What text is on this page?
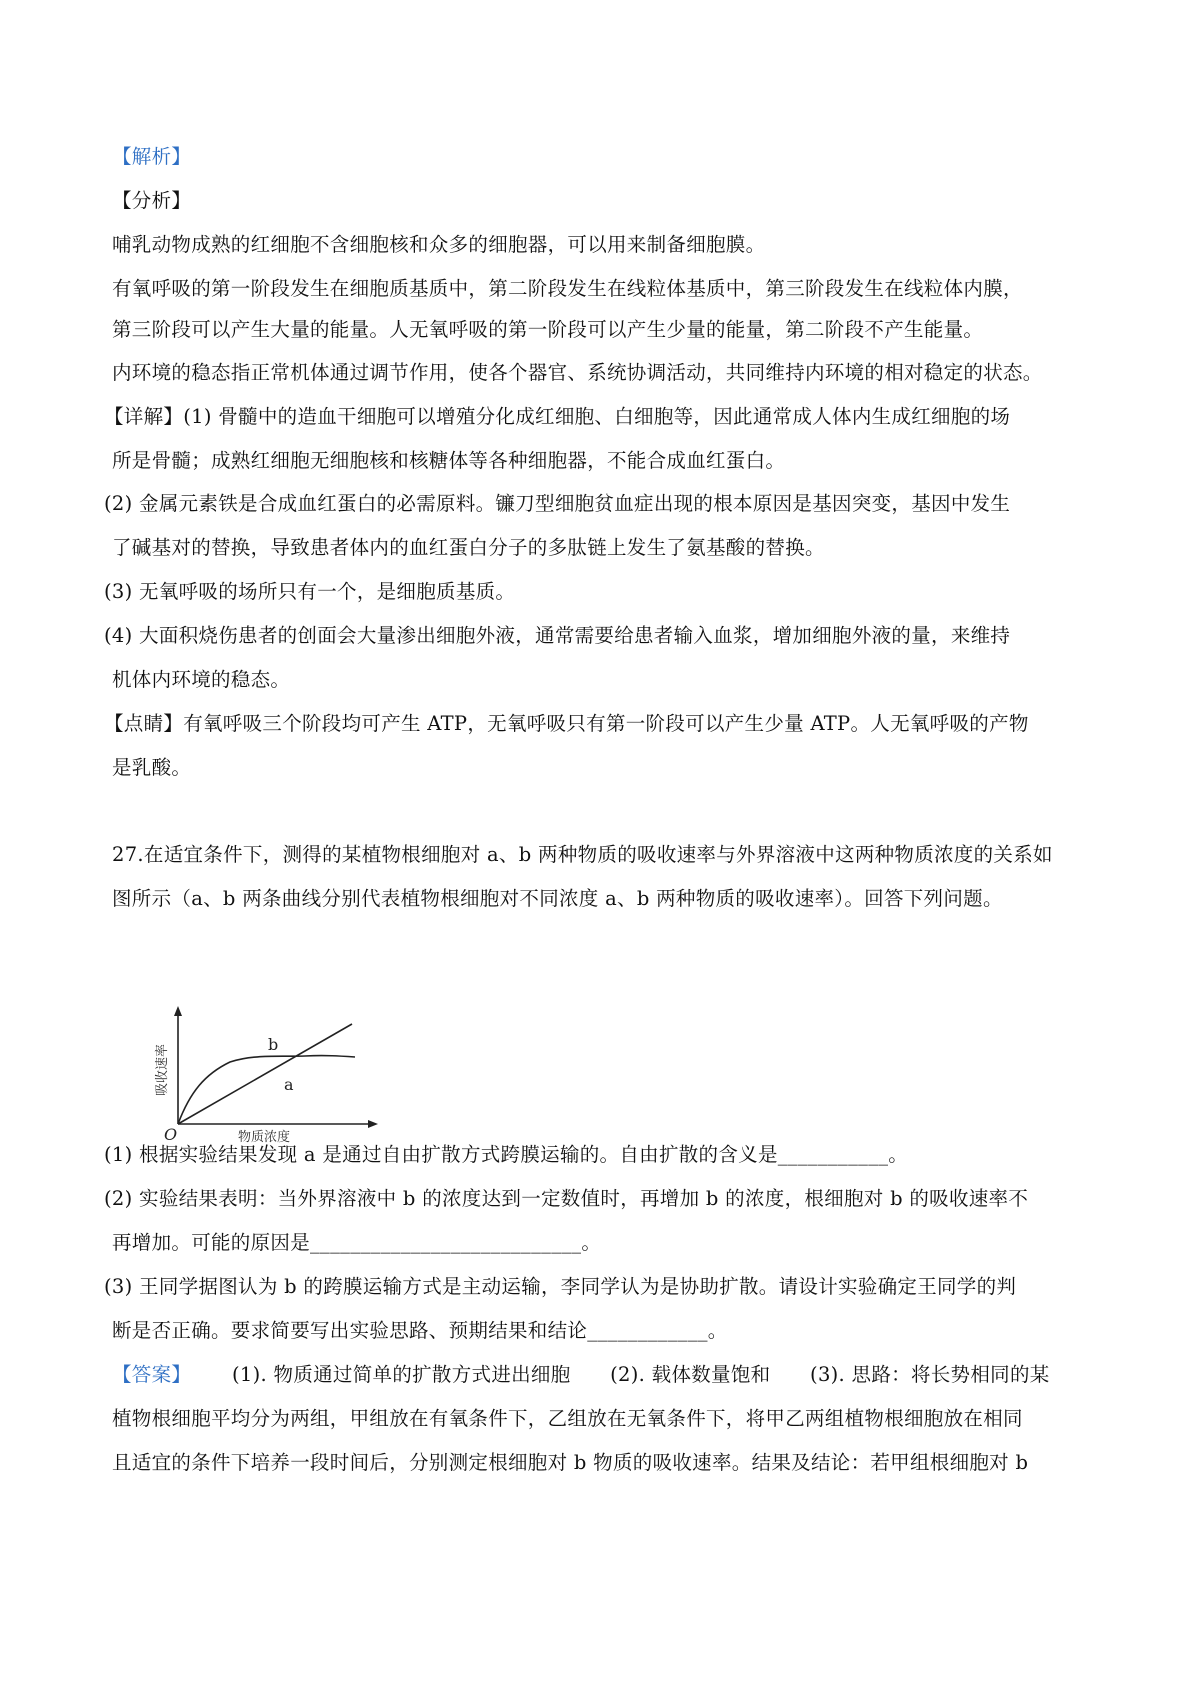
【解析】
【分析】
哺乳动物成熟的红细胞不含细胞核和众多的细胞器，可以用来制备细胞膜。
有氧呼吸的第一阶段发生在细胞质基质中，第二阶段发生在线粒体基质中，第三阶段发生在线粒体内膜，
第三阶段可以产生大量的能量。人无氧呼吸的第一阶段可以产生少量的能量，第二阶段不产生能量。
内环境的稳态指正常机体通过调节作用，使各个器官、系统协调活动，共同维持内环境的相对稳定的状态。
【详解】(1) 骨髓中的造血干细胞可以增殖分化成红细胞、白细胞等，因此通常成人体内生成红细胞的场
所是骨髓；成熟红细胞无细胞核和核糖体等各种细胞器，不能合成血红蛋白。
(2) 金属元素铁是合成血红蛋白的必需原料。镰刀型细胞贫血症出现的根本原因是基因突变，基因中发生
了碱基对的替换，导致患者体内的血红蛋白分子的多肽链上发生了氨基酸的替换。
(3) 无氧呼吸的场所只有一个，是细胞质基质。
(4) 大面积烧伤患者的创面会大量渗出细胞外液，通常需要给患者输入血浆，增加细胞外液的量，来维持
机体内环境的稳态。
【点睛】有氧呼吸三个阶段均可产生 ATP，无氧呼吸只有第一阶段可以产生少量 ATP。人无氧呼吸的产物
是乳酸。
27.在适宜条件下，测得的某植物根细胞对 a、b 两种物质的吸收速率与外界溶液中这两种物质浓度的关系如
图所示（a、b 两条曲线分别代表植物根细胞对不同浓度 a、b 两种物质的吸收速率）。回答下列问题。
b
a
O	物质浓度
吸收速率
(1) 根据实验结果发现 a 是通过自由扩散方式跨膜运输的。自由扩散的含义是___________。
(2) 实验结果表明：当外界溶液中 b 的浓度达到一定数值时，再增加 b 的浓度，根细胞对 b 的吸收速率不
再增加。可能的原因是___________________________。
(3) 王同学据图认为 b 的跨膜运输方式是主动运输，李同学认为是协助扩散。请设计实验确定王同学的判
断是否正确。要求简要写出实验思路、预期结果和结论____________。
【答案】 (1). 物质通过简单的扩散方式进出细胞　　(2). 载体数量饱和　　(3). 思路：将长势相同的某
植物根细胞平均分为两组，甲组放在有氧条件下，乙组放在无氧条件下，将甲乙两组植物根细胞放在相同
且适宜的条件下培养一段时间后，分别测定根细胞对 b 物质的吸收速率。结果及结论：若甲组根细胞对 b
